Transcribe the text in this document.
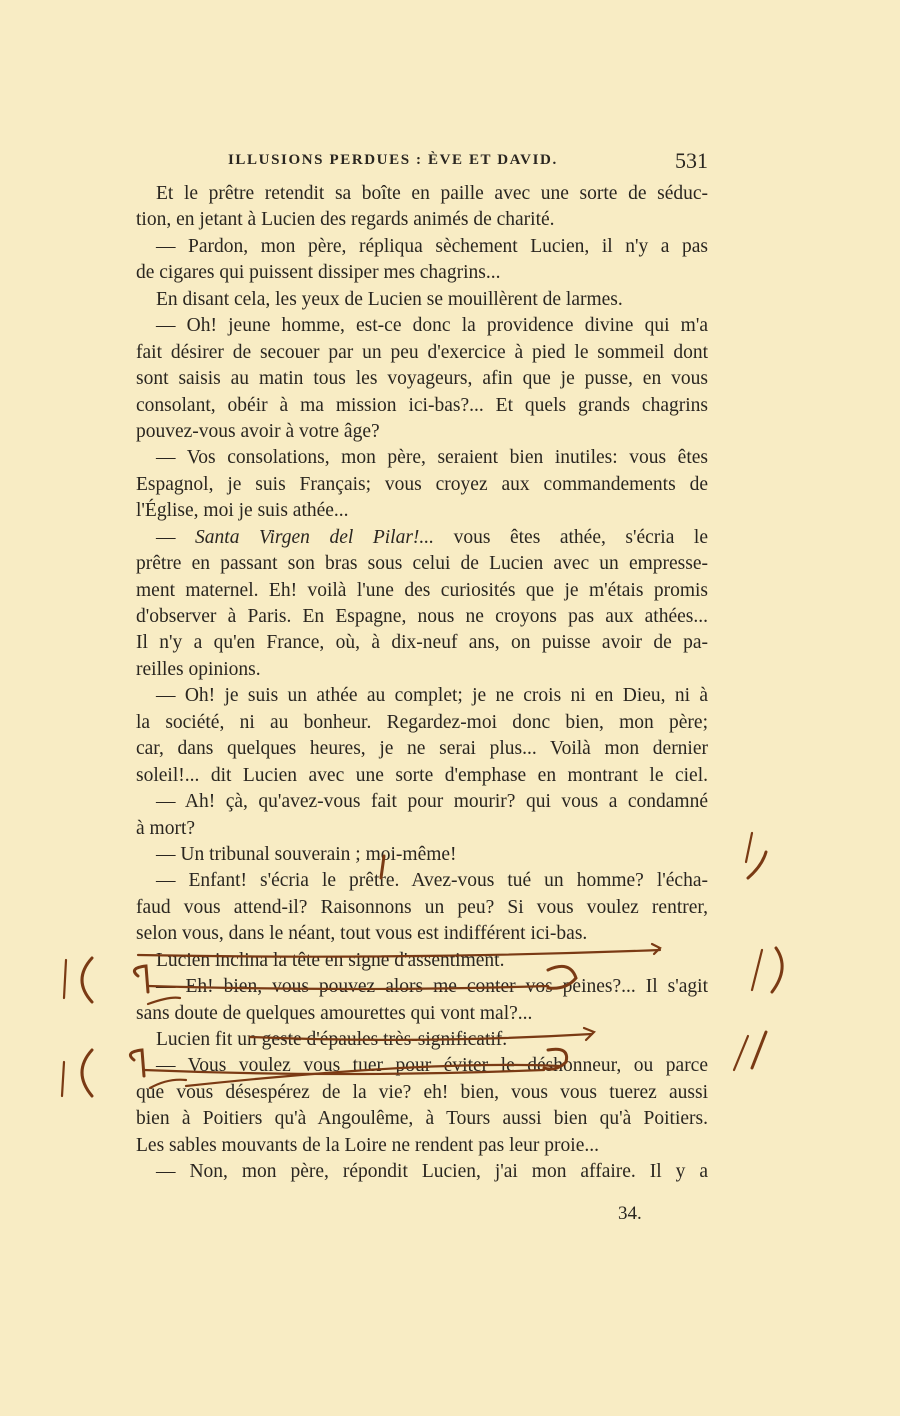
ILLUSIONS PERDUES : ÈVE ET DAVID.	531
Et le prêtre retendit sa boîte en paille avec une sorte de séduc-
tion, en jetant à Lucien des regards animés de charité.
— Pardon, mon père, répliqua sèchement Lucien, il n'y a pas
de cigares qui puissent dissiper mes chagrins...
En disant cela, les yeux de Lucien se mouillèrent de larmes.
— Oh! jeune homme, est-ce donc la providence divine qui m'a
fait désirer de secouer par un peu d'exercice à pied le sommeil dont
sont saisis au matin tous les voyageurs, afin que je pusse, en vous
consolant, obéir à ma mission ici-bas?... Et quels grands chagrins
pouvez-vous avoir à votre âge?
— Vos consolations, mon père, seraient bien inutiles: vous êtes
Espagnol, je suis Français; vous croyez aux commandements de
l'Église, moi je suis athée...
— Santa Virgen del Pilar!... vous êtes athée, s'écria le
prêtre en passant son bras sous celui de Lucien avec un empresse-
ment maternel. Eh! voilà l'une des curiosités que je m'étais promis
d'observer à Paris. En Espagne, nous ne croyons pas aux athées...
Il n'y a qu'en France, où, à dix-neuf ans, on puisse avoir de pa-
reilles opinions.
— Oh! je suis un athée au complet; je ne crois ni en Dieu, ni à
la société, ni au bonheur. Regardez-moi donc bien, mon père;
car, dans quelques heures, je ne serai plus... Voilà mon dernier
soleil!... dit Lucien avec une sorte d'emphase en montrant le ciel.
— Ah! çà, qu'avez-vous fait pour mourir? qui vous a condamné
à mort?
— Un tribunal souverain ; moi-même!
— Enfant! s'écria le prêtre. Avez-vous tué un homme? l'écha-
faud vous attend-il? Raisonnons un peu? Si vous voulez rentrer,
selon vous, dans le néant, tout vous est indifférent ici-bas.
Lucien inclina la tête en signe d'assentiment.
— Eh! bien, vous pouvez alors me conter vos peines?... Il s'agit
sans doute de quelques amourettes qui vont mal?...
Lucien fit un geste d'épaules très-significatif.
— Vous voulez vous tuer pour éviter le déshonneur, ou parce
que vous désespérez de la vie? eh! bien, vous vous tuerez aussi
bien à Poitiers qu'à Angoulême, à Tours aussi bien qu'à Poitiers.
Les sables mouvants de la Loire ne rendent pas leur proie...
— Non, mon père, répondit Lucien, j'ai mon affaire. Il y a
34.
